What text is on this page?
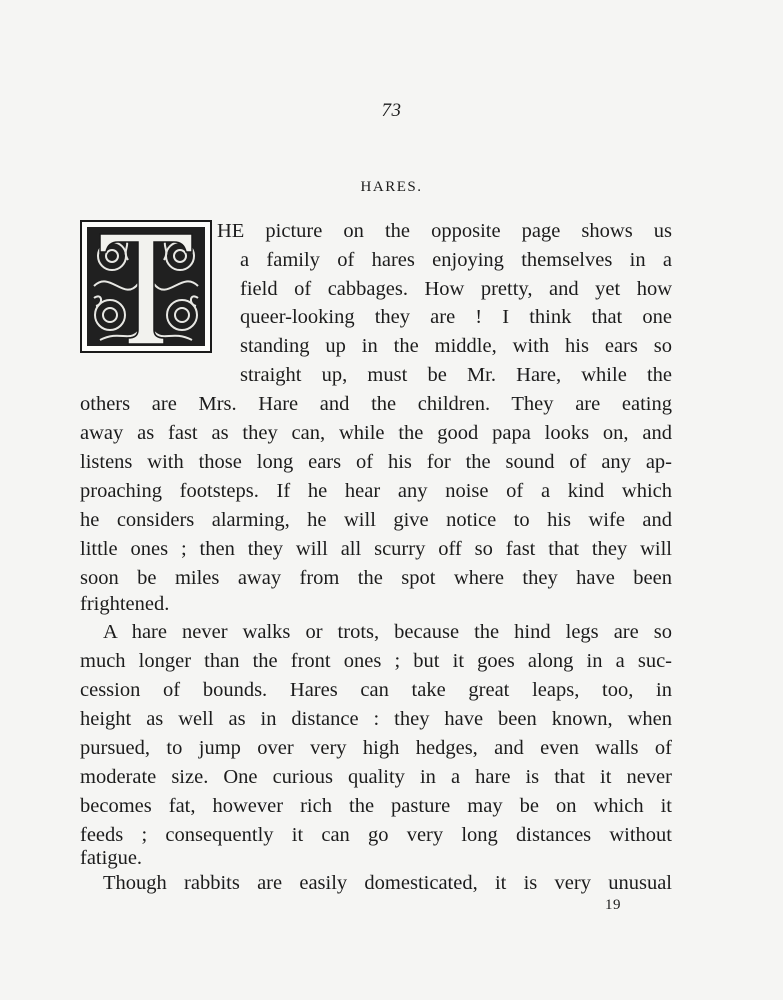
73
HARES.
HE picture on the opposite page shows us
a family of hares enjoying themselves in a
field of cabbages. How pretty, and yet how
queer-looking they are ! I think that one
standing up in the middle, with his ears so
straight up, must be Mr. Hare, while the
others are Mrs. Hare and the children. They are eating
away as fast as they can, while the good papa looks on, and
listens with those long ears of his for the sound of any ap-
proaching footsteps. If he hear any noise of a kind which
he considers alarming, he will give notice to his wife and
little ones ; then they will all scurry off so fast that they will
soon be miles away from the spot where they have been
frightened.
A hare never walks or trots, because the hind legs are so
much longer than the front ones ; but it goes along in a suc-
cession of bounds. Hares can take great leaps, too, in
height as well as in distance : they have been known, when
pursued, to jump over very high hedges, and even walls of
moderate size. One curious quality in a hare is that it never
becomes fat, however rich the pasture may be on which it
feeds ; consequently it can go very long distances without
fatigue.
Though rabbits are easily domesticated, it is very unusual
19
